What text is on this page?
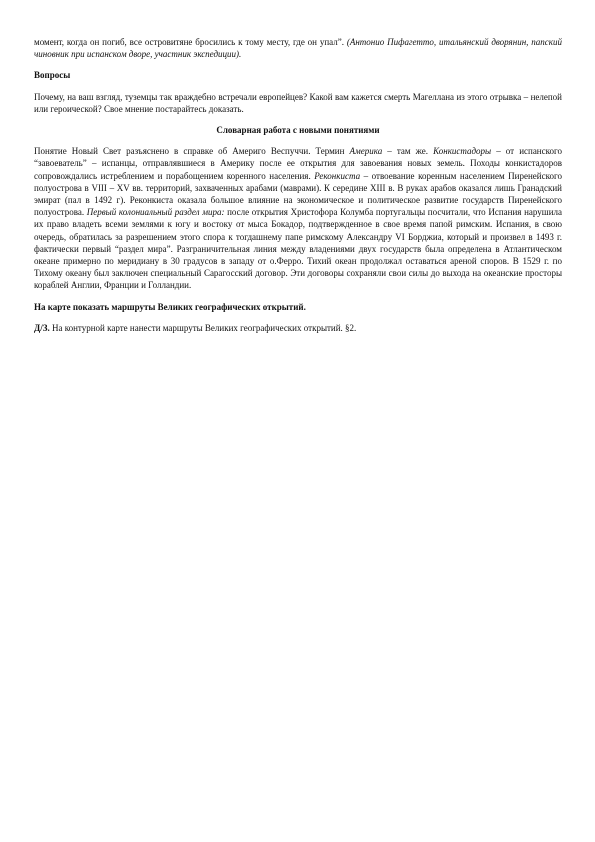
момент, когда он погиб, все островитяне бросились к тому месту, где он упал”. (Антонио Пифагетто, итальянский дворянин, папский чиновник при испанском дворе, участник экспедиции).

Вопросы

Почему, на ваш взгляд, туземцы так враждебно встречали европейцев? Какой вам кажется смерть Магеллана из этого отрывка – нелепой или героической? Свое мнение постарайтесь доказать.

Словарная работа с новыми понятиями

Понятие Новый Свет разъяснено в справке об Америго Веспуччи. Термин Америка – там же. Конкистадоры – от испанского “завоеватель” – испанцы, отправлявшиеся в Америку после ее открытия для завоевания новых земель. Походы конкистадоров сопровождались истреблением и порабощением коренного населения. Реконкиста – отвоевание коренным населением Пиренейского полуострова в VIII – XV вв. территорий, захваченных арабами (маврами). К середине XIII в. В руках арабов оказался лишь Гранадский эмират (пал в 1492 г). Реконкиста оказала большое влияние на экономическое и политическое развитие государств Пиренейского полуострова. Первый колониальный раздел мира: после открытия Христофора Колумба португальцы посчитали, что Испания нарушила их право владеть всеми землями к югу и востоку от мыса Бокадор, подтвержденное в свое время папой римским. Испания, в свою очередь, обратилась за разрешением этого спора к тогдашнему папе римскому Александру VI Борджиа, который и произвел в 1493 г. фактически первый “раздел мира”. Разграничительная линия между владениями двух государств была определена в Атлантическом океане примерно по меридиану в 30 градусов в западу от о.Ферро. Тихий океан продолжал оставаться ареной споров. В 1529 г. по Тихому океану был заключен специальный Сарагосский договор. Эти договоры сохраняли свои силы до выхода на океанские просторы кораблей Англии, Франции и Голландии.

На карте показать маршруты Великих географических открытий.

Д/З. На контурной карте нанести маршруты Великих географических открытий. §2.
